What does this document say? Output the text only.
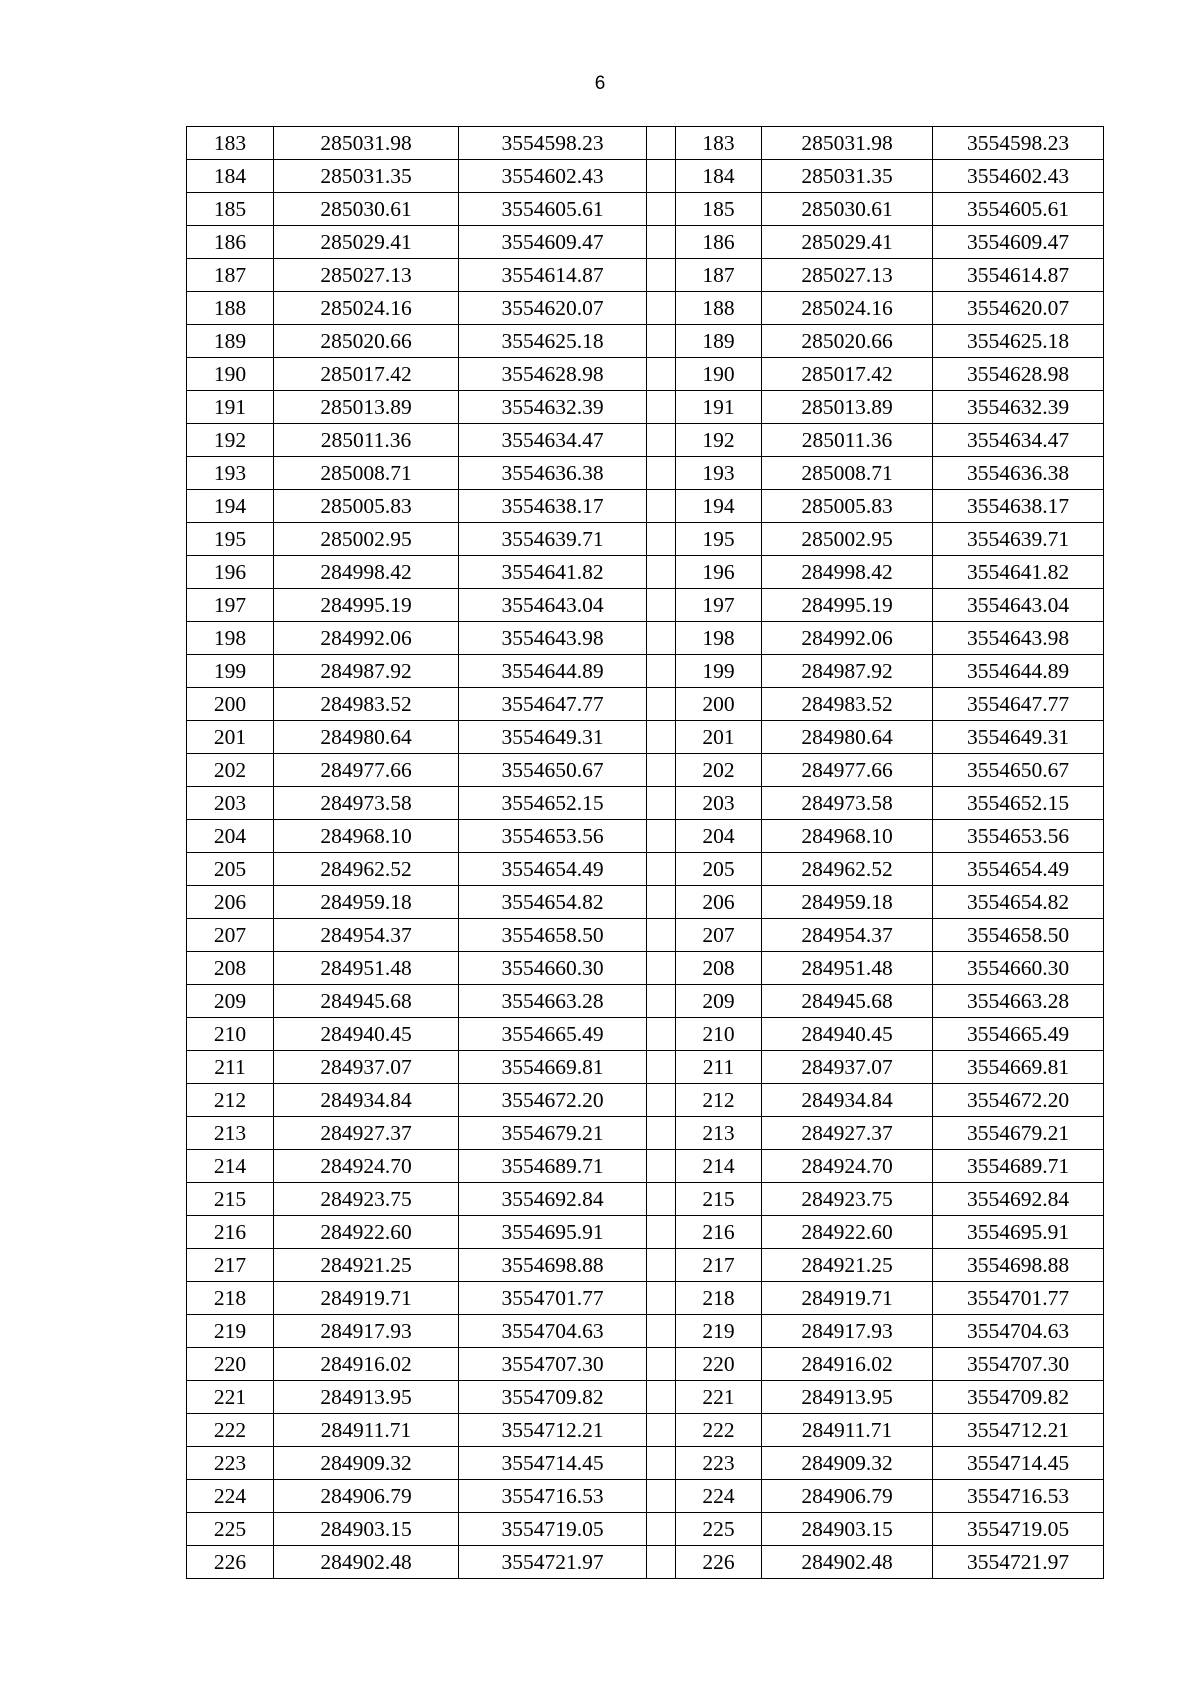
6
183	285031.98	3554598.23		183	285031.98	3554598.23
184	285031.35	3554602.43		184	285031.35	3554602.43
185	285030.61	3554605.61		185	285030.61	3554605.61
186	285029.41	3554609.47		186	285029.41	3554609.47
187	285027.13	3554614.87		187	285027.13	3554614.87
188	285024.16	3554620.07		188	285024.16	3554620.07
189	285020.66	3554625.18		189	285020.66	3554625.18
190	285017.42	3554628.98		190	285017.42	3554628.98
191	285013.89	3554632.39		191	285013.89	3554632.39
192	285011.36	3554634.47		192	285011.36	3554634.47
193	285008.71	3554636.38		193	285008.71	3554636.38
194	285005.83	3554638.17		194	285005.83	3554638.17
195	285002.95	3554639.71		195	285002.95	3554639.71
196	284998.42	3554641.82		196	284998.42	3554641.82
197	284995.19	3554643.04		197	284995.19	3554643.04
198	284992.06	3554643.98		198	284992.06	3554643.98
199	284987.92	3554644.89		199	284987.92	3554644.89
200	284983.52	3554647.77		200	284983.52	3554647.77
201	284980.64	3554649.31		201	284980.64	3554649.31
202	284977.66	3554650.67		202	284977.66	3554650.67
203	284973.58	3554652.15		203	284973.58	3554652.15
204	284968.10	3554653.56		204	284968.10	3554653.56
205	284962.52	3554654.49		205	284962.52	3554654.49
206	284959.18	3554654.82		206	284959.18	3554654.82
207	284954.37	3554658.50		207	284954.37	3554658.50
208	284951.48	3554660.30		208	284951.48	3554660.30
209	284945.68	3554663.28		209	284945.68	3554663.28
210	284940.45	3554665.49		210	284940.45	3554665.49
211	284937.07	3554669.81		211	284937.07	3554669.81
212	284934.84	3554672.20		212	284934.84	3554672.20
213	284927.37	3554679.21		213	284927.37	3554679.21
214	284924.70	3554689.71		214	284924.70	3554689.71
215	284923.75	3554692.84		215	284923.75	3554692.84
216	284922.60	3554695.91		216	284922.60	3554695.91
217	284921.25	3554698.88		217	284921.25	3554698.88
218	284919.71	3554701.77		218	284919.71	3554701.77
219	284917.93	3554704.63		219	284917.93	3554704.63
220	284916.02	3554707.30		220	284916.02	3554707.30
221	284913.95	3554709.82		221	284913.95	3554709.82
222	284911.71	3554712.21		222	284911.71	3554712.21
223	284909.32	3554714.45		223	284909.32	3554714.45
224	284906.79	3554716.53		224	284906.79	3554716.53
225	284903.15	3554719.05		225	284903.15	3554719.05
226	284902.48	3554721.97		226	284902.48	3554721.97
